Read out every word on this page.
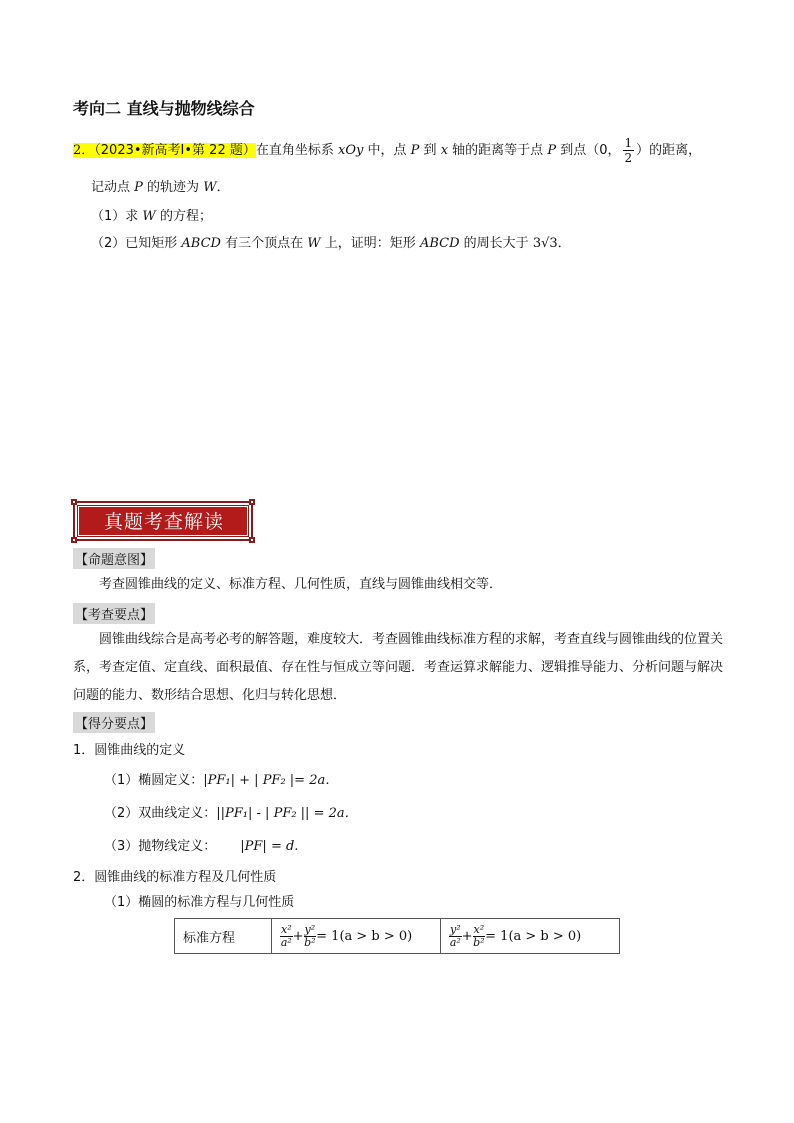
考向二 直线与抛物线综合
2．（2023•新高考Ⅰ•第 22 题）在直角坐标系 xOy 中，点 P 到 x 轴的距离等于点 P 到点（0， $\frac{1}{2}$ ）的距离，
记动点 P 的轨迹为 W．
（1）求 W 的方程；
（2）已知矩形 ABCD 有三个顶点在 W 上，证明：矩形 ABCD 的周长大于 3√3．
真题考查解读
【命题意图】
考查圆锥曲线的定义、标准方程、几何性质，直线与圆锥曲线相交等．
【考查要点】
圆锥曲线综合是高考必考的解答题，难度较大．考查圆锥曲线标准方程的求解，考查直线与圆锥曲线的位置关系，考查定值、定直线、面积最值、存在性与恒成立等问题．考查运算求解能力、逻辑推导能力、分析问题与解决问题的能力、数形结合思想、化归与转化思想．
【得分要点】
1．圆锥曲线的定义
（1）椭圆定义：|PF₁| + | PF₂ |= 2a．
（2）双曲线定义：||PF₁| - | PF₂ || = 2a．
（3）抛物线定义： |PF| = d.
2．圆锥曲线的标准方程及几何性质
（1）椭圆的标准方程与几何性质
标准方程	$\frac{\text{x²}}{\text{a²}} + \frac{\text{y²}}{\text{b²}} = 1(a > b > 0)$	$\frac{\text{y²}}{\text{a²}} + \frac{\text{x²}}{\text{b²}} = 1(a > b > 0)$
